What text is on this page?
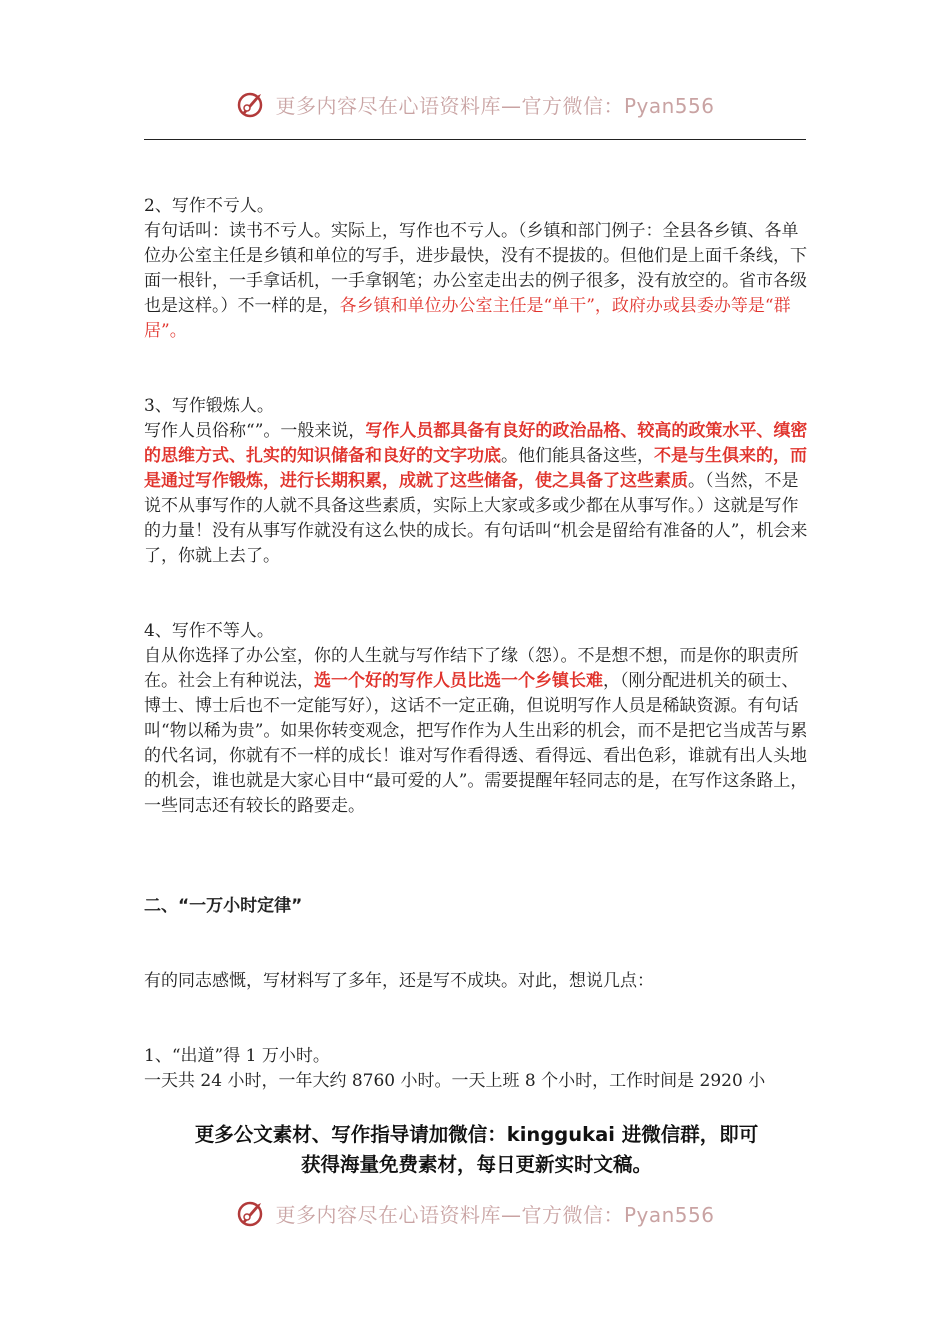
更多内容尽在心语资料库—官方微信：Pyan556

2、写作不亏人。

有句话叫：读书不亏人。实际上，写作也不亏人。（乡镇和部门例子：全县各乡镇、各单位办公室主任是乡镇和单位的写手，进步最快，没有不提拔的。但他们是上面千条线，下面一根针，一手拿话机，一手拿钢笔；办公室走出去的例子很多，没有放空的。省市各级也是这样。）不一样的是，各乡镇和单位办公室主任是“单干”，政府办或县委办等是“群居”。

3、写作锻炼人。

写作人员俗称“”。一般来说，写作人员都具备有良好的政治品格、较高的政策水平、缜密的思维方式、扎实的知识储备和良好的文字功底。他们能具备这些，不是与生俱来的，而是通过写作锻炼，进行长期积累，成就了这些储备，使之具备了这些素质。（当然，不是说不从事写作的人就不具备这些素质，实际上大家或多或少都在从事写作。）这就是写作的力量！没有从事写作就没有这么快的成长。有句话叫“机会是留给有准备的人”，机会来了，你就上去了。

4、写作不等人。

自从你选择了办公室，你的人生就与写作结下了缘（怨）。不是想不想，而是你的职责所在。社会上有种说法，选一个好的写作人员比选一个乡镇长难，（刚分配进机关的硕士、博士、博士后也不一定能写好），这话不一定正确，但说明写作人员是稀缺资源。有句话叫“物以稀为贵”。如果你转变观念，把写作作为人生出彩的机会，而不是把它当成苦与累的代名词，你就有不一样的成长！谁对写作看得透、看得远、看出色彩，谁就有出人头地的机会，谁也就是大家心目中“最可爱的人”。需要提醒年轻同志的是，在写作这条路上，一些同志还有较长的路要走。

二、“一万小时定律”

有的同志感慨，写材料写了多年，还是写不成块。对此，想说几点：

1、“出道”得 1 万小时。

一天共 24 小时，一年大约 8760 小时。一天上班 8 个小时，工作时间是 2920 小

更多公文素材、写作指导请加微信：kinggukai 进微信群，即可
获得海量免费素材，每日更新实时文稿。
更多内容尽在心语资料库—官方微信：Pyan556
